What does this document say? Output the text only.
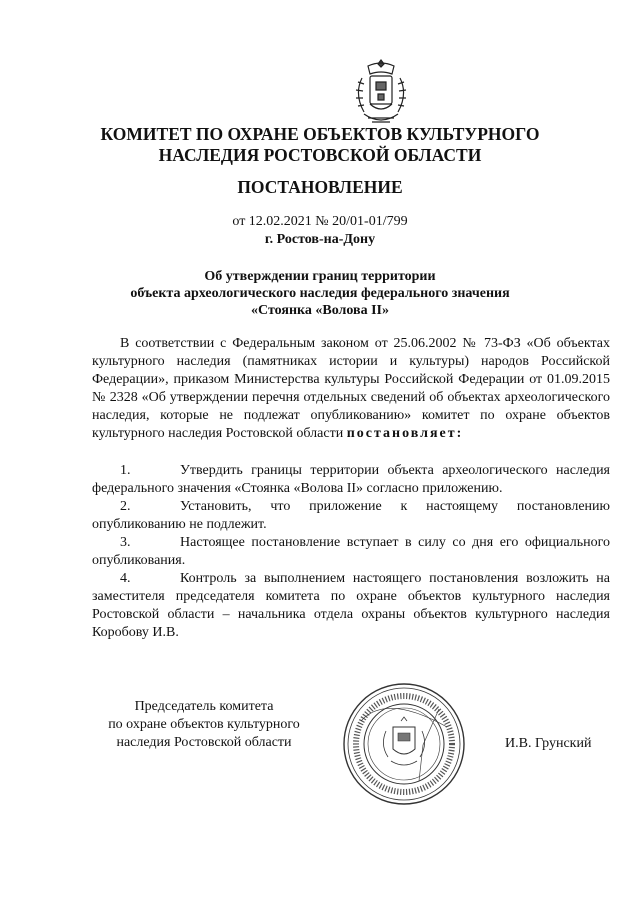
КОМИТЕТ ПО ОХРАНЕ ОБЪЕКТОВ КУЛЬТУРНОГО
НАСЛЕДИЯ РОСТОВСКОЙ ОБЛАСТИ
ПОСТАНОВЛЕНИЕ
от 12.02.2021 № 20/01-01/799
г. Ростов-на-Дону
Об утверждении границ территории
объекта археологического наследия федерального значения
«Стоянка «Волова II»
В соответствии с Федеральным законом от 25.06.2002 № 73-ФЗ «Об объектах культурного наследия (памятниках истории и культуры) народов Российской Федерации», приказом Министерства культуры Российской Федерации от 01.09.2015 № 2328 «Об утверждении перечня отдельных сведений об объектах археологического наследия, которые не подлежат опубликованию» комитет по охране объектов культурного наследия Ростовской области постановляет:
1.	Утвердить границы территории объекта археологического наследия федерального значения «Стоянка «Волова II» согласно приложению.
2.	Установить, что приложение к настоящему постановлению опубликованию не подлежит.
3.	Настоящее постановление вступает в силу со дня его официального опубликования.
4.	Контроль за выполнением настоящего постановления возложить на заместителя председателя комитета по охране объектов культурного наследия Ростовской области – начальника отдела охраны объектов культурного наследия Коробову И.В.
Председатель комитета
по охране объектов культурного
наследия Ростовской области	И.В. Грунский
